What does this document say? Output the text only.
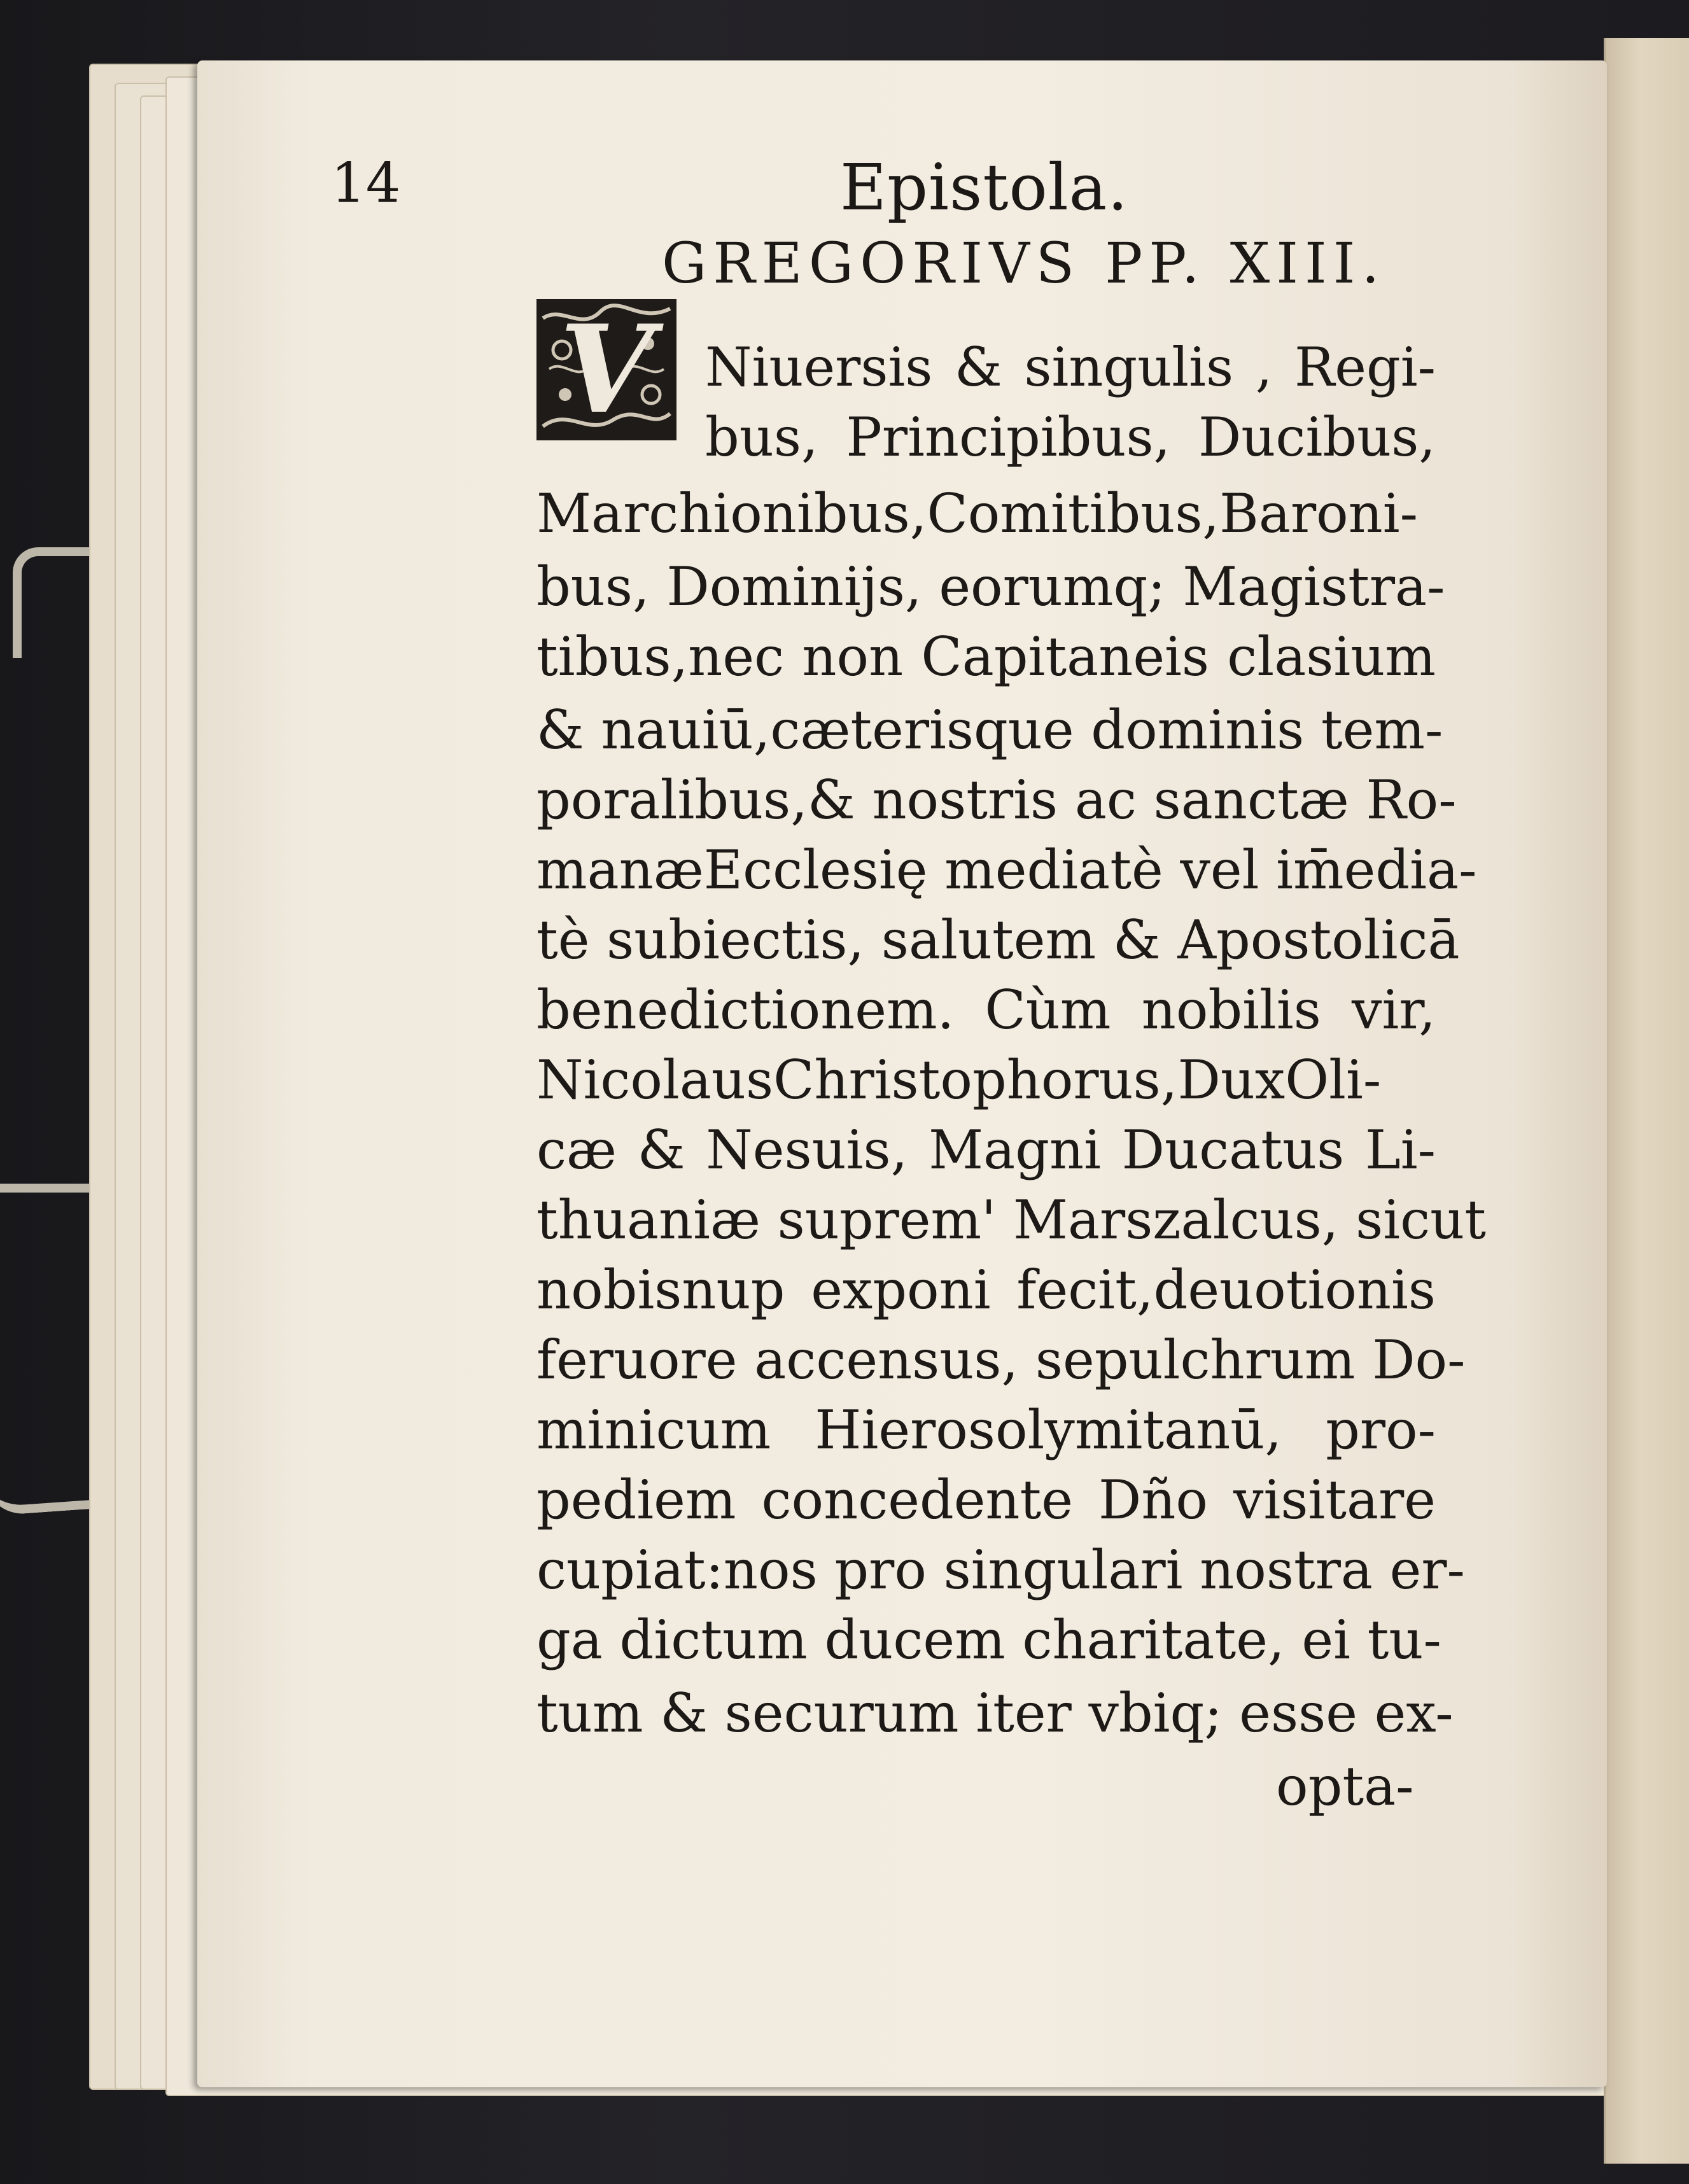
14	Epistola.
GREGORIVS PP. XIII.
V Niuersis & singulis , Regi-
bus, Principibus, Ducibus,
Marchionibus,Comitibus,Baroni-
bus, Dominijs, eorumq; Magistra-
tibus,nec non Capitaneis clasium
& nauiū,cæterisque dominis tem-
poralibus,& nostris ac sanctæ Ro-
manæEcclesię mediatè vel im̄edia-
tè subiectis, salutem & Apostolicā
benedictionem. Cùm nobilis vir,
NicolausChristophorus,DuxOli-
cæ & Nesuis, Magni Ducatus Li-
thuaniæ suprem' Marszalcus, sicut
nobisnup exponi fecit,deuotionis
feruore accensus, sepulchrum Do-
minicum Hierosolymitanū, pro-
pediem concedente Dño visitare
cupiat:nos pro singulari nostra er-
ga dictum ducem charitate, ei tu-
tum & securum iter vbiq; esse ex-
opta-
